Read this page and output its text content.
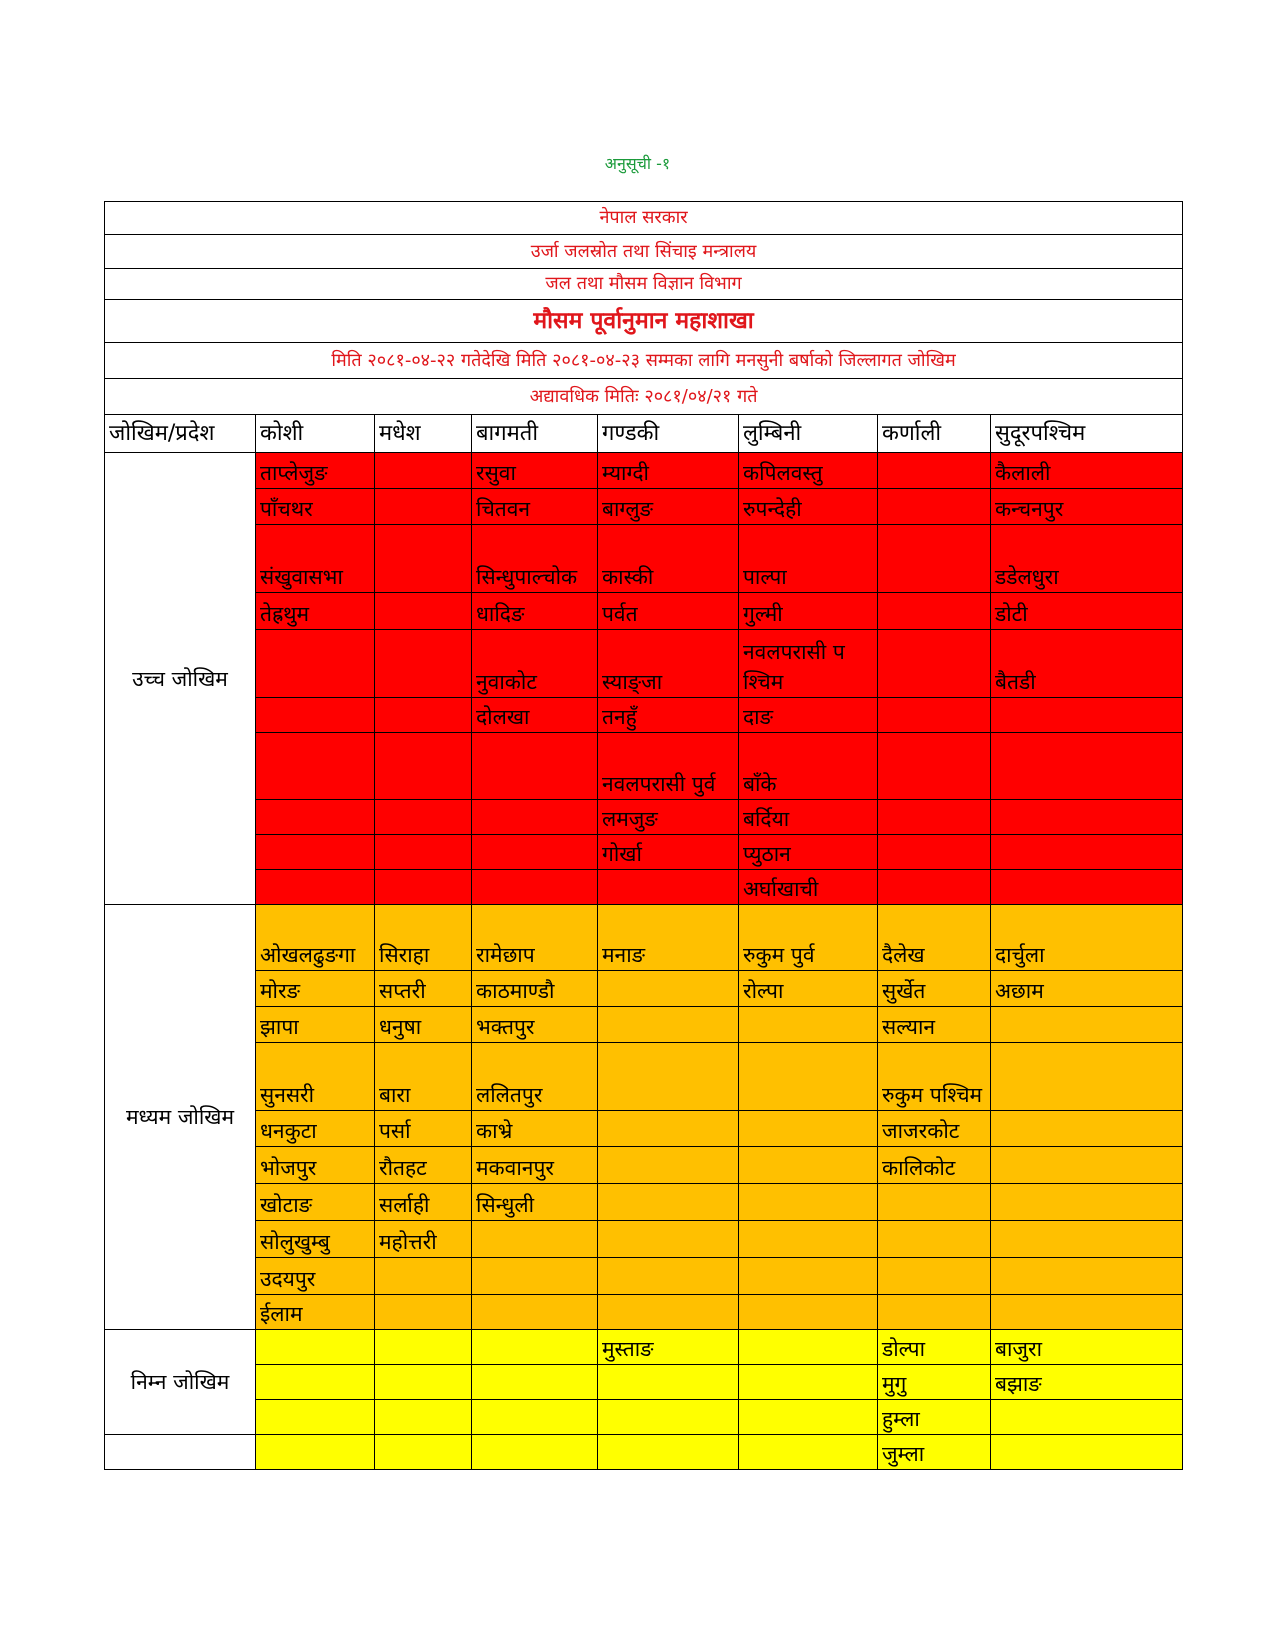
अनुसूची -१
नेपाल सरकार							
उर्जा जलस्रोत तथा सिंचाइ मन्त्रालय							
जल तथा मौसम विज्ञान विभाग							
मौसम पूर्वानुमान महाशाखा							
मिति २०८१-०४-२२ गतेदेखि मिति २०८१-०४-२३ सम्मका लागि मनसुनी बर्षाको जिल्लागत जोखिम							
अद्यावधिक मितिः २०८१/०४/२१ गते							
जोखिम/प्रदेश	कोशी	मधेश	बागमती	गण्डकी	लुम्बिनी	कर्णाली	सुदूरपश्चिम
उच्च जोखिम	ताप्लेजुङ		रसुवा	म्याग्दी	कपिलवस्तु		कैलाली
	पाँचथर		चितवन	बाग्लुङ	रुपन्देही		कन्चनपुर
	संखुवासभा		सिन्धुपाल्चोक	कास्की	पाल्पा		डडेलधुरा
	तेह्रथुम		धादिङ	पर्वत	गुल्मी		डोटी
			नुवाकोट	स्याङ्जा	नवलपरासी पश्चिम		बैतडी
			दोलखा	तनहुँ	दाङ		
				नवलपरासी पुर्व	बाँके		
				लमजुङ	बर्दिया		
				गोर्खा	प्युठान		
					अर्घाखाची		
मध्यम जोखिम	ओखलढुङगा	सिराहा	रामेछाप	मनाङ	रुकुम पुर्व	दैलेख	दार्चुला
	मोरङ	सप्तरी	काठमाण्डौ		रोल्पा	सुर्खेत	अछाम
	झापा	धनुषा	भक्तपुर			सल्यान	
	सुनसरी	बारा	ललितपुर			रुकुम पश्चिम	
	धनकुटा	पर्सा	काभ्रे			जाजरकोट	
	भोजपुर	रौतहट	मकवानपुर			कालिकोट	
	खोटाङ	सर्लाही	सिन्धुली				
	सोलुखुम्बु	महोत्तरी					
	उदयपुर						
	ईलाम						
निम्न जोखिम				मुस्ताङ		डोल्पा	बाजुरा
						मुगु	बझाङ
						हुम्ला	
						जुम्ला	
